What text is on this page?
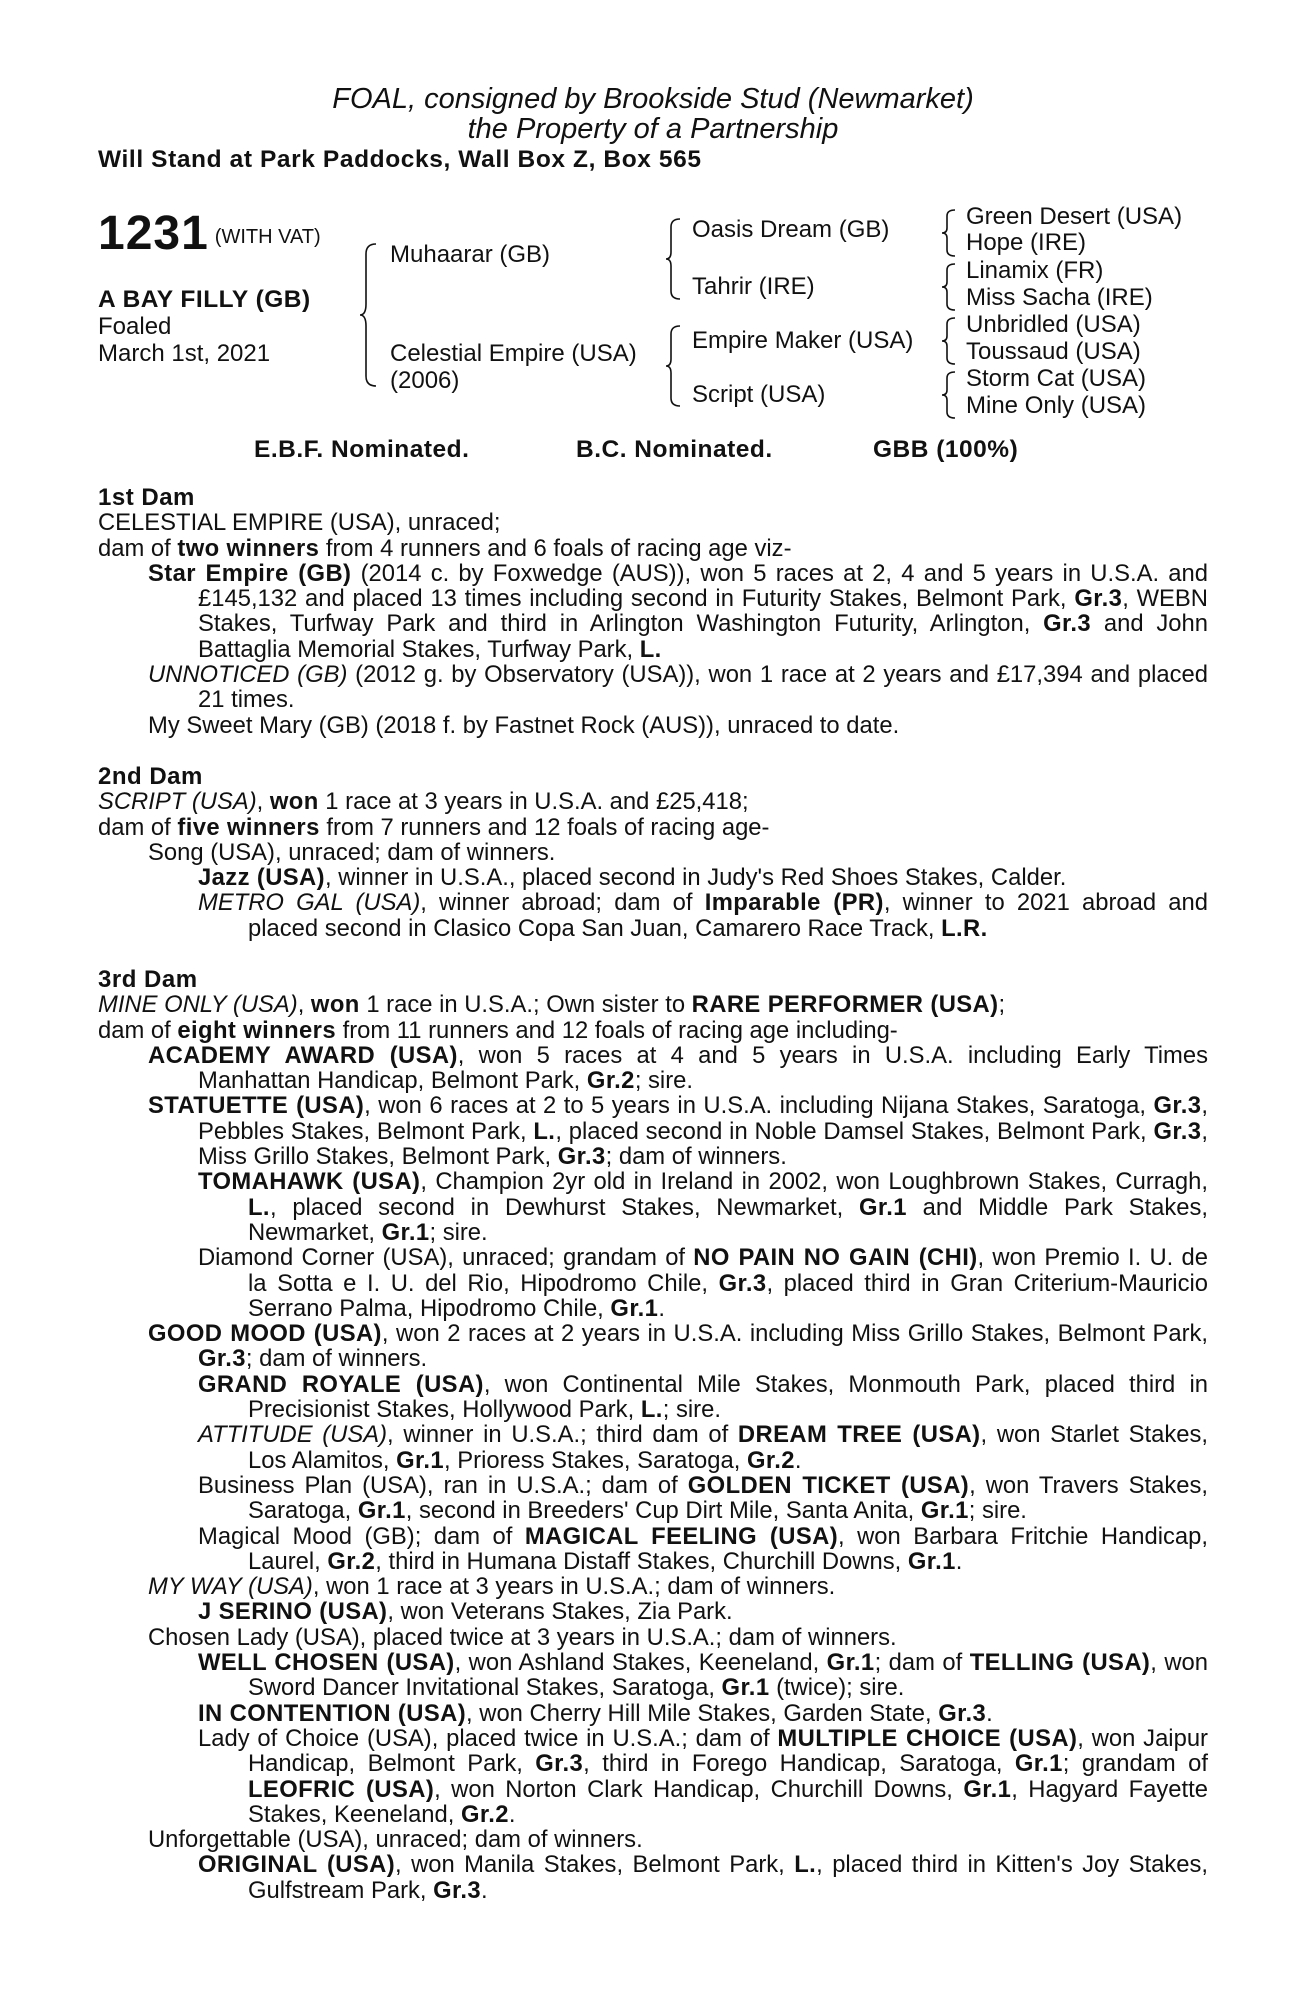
FOAL, consigned by Brookside Stud (Newmarket)
the Property of a Partnership
Will Stand at Park Paddocks, Wall Box Z, Box 565
1231 (WITH VAT)
A BAY FILLY (GB)
Foaled
March 1st, 2021
Muhaarar (GB)
Celestial Empire (USA)
(2006)
Oasis Dream (GB)
Tahrir (IRE)
Empire Maker (USA)
Script (USA)
Green Desert (USA)
Hope (IRE)
Linamix (FR)
Miss Sacha (IRE)
Unbridled (USA)
Toussaud (USA)
Storm Cat (USA)
Mine Only (USA)
E.B.F. Nominated.	B.C. Nominated.	GBB (100%)

1st Dam

CELESTIAL EMPIRE (USA), unraced;

dam of two winners from 4 runners and 6 foals of racing age viz-

Star Empire (GB) (2014 c. by Foxwedge (AUS)), won 5 races at 2, 4 and 5 years in U.S.A. and £145,132 and placed 13 times including second in Futurity Stakes, Belmont Park, Gr.3, WEBN Stakes, Turfway Park and third in Arlington Washington Futurity, Arlington, Gr.3 and John Battaglia Memorial Stakes, Turfway Park, L.

UNNOTICED (GB) (2012 g. by Observatory (USA)), won 1 race at 2 years and £17,394 and placed 21 times.

My Sweet Mary (GB) (2018 f. by Fastnet Rock (AUS)), unraced to date.

2nd Dam

SCRIPT (USA), won 1 race at 3 years in U.S.A. and £25,418;

dam of five winners from 7 runners and 12 foals of racing age-

Song (USA), unraced; dam of winners.

Jazz (USA), winner in U.S.A., placed second in Judy's Red Shoes Stakes, Calder.

METRO GAL (USA), winner abroad; dam of Imparable (PR), winner to 2021 abroad and placed second in Clasico Copa San Juan, Camarero Race Track, L.R.

3rd Dam

MINE ONLY (USA), won 1 race in U.S.A.; Own sister to RARE PERFORMER (USA);

dam of eight winners from 11 runners and 12 foals of racing age including-

ACADEMY AWARD (USA), won 5 races at 4 and 5 years in U.S.A. including Early Times Manhattan Handicap, Belmont Park, Gr.2; sire.

STATUETTE (USA), won 6 races at 2 to 5 years in U.S.A. including Nijana Stakes, Saratoga, Gr.3, Pebbles Stakes, Belmont Park, L., placed second in Noble Damsel Stakes, Belmont Park, Gr.3, Miss Grillo Stakes, Belmont Park, Gr.3; dam of winners.

TOMAHAWK (USA), Champion 2yr old in Ireland in 2002, won Loughbrown Stakes, Curragh, L., placed second in Dewhurst Stakes, Newmarket, Gr.1 and Middle Park Stakes, Newmarket, Gr.1; sire.

Diamond Corner (USA), unraced; grandam of NO PAIN NO GAIN (CHI), won Premio I. U. de la Sotta e I. U. del Rio, Hipodromo Chile, Gr.3, placed third in Gran Criterium-Mauricio Serrano Palma, Hipodromo Chile, Gr.1.

GOOD MOOD (USA), won 2 races at 2 years in U.S.A. including Miss Grillo Stakes, Belmont Park, Gr.3; dam of winners.

GRAND ROYALE (USA), won Continental Mile Stakes, Monmouth Park, placed third in Precisionist Stakes, Hollywood Park, L.; sire.

ATTITUDE (USA), winner in U.S.A.; third dam of DREAM TREE (USA), won Starlet Stakes, Los Alamitos, Gr.1, Prioress Stakes, Saratoga, Gr.2.

Business Plan (USA), ran in U.S.A.; dam of GOLDEN TICKET (USA), won Travers Stakes, Saratoga, Gr.1, second in Breeders' Cup Dirt Mile, Santa Anita, Gr.1; sire.

Magical Mood (GB); dam of MAGICAL FEELING (USA), won Barbara Fritchie Handicap, Laurel, Gr.2, third in Humana Distaff Stakes, Churchill Downs, Gr.1.

MY WAY (USA), won 1 race at 3 years in U.S.A.; dam of winners.

J SERINO (USA), won Veterans Stakes, Zia Park.

Chosen Lady (USA), placed twice at 3 years in U.S.A.; dam of winners.

WELL CHOSEN (USA), won Ashland Stakes, Keeneland, Gr.1; dam of TELLING (USA), won Sword Dancer Invitational Stakes, Saratoga, Gr.1 (twice); sire.

IN CONTENTION (USA), won Cherry Hill Mile Stakes, Garden State, Gr.3.

Lady of Choice (USA), placed twice in U.S.A.; dam of MULTIPLE CHOICE (USA), won Jaipur Handicap, Belmont Park, Gr.3, third in Forego Handicap, Saratoga, Gr.1; grandam of LEOFRIC (USA), won Norton Clark Handicap, Churchill Downs, Gr.1, Hagyard Fayette Stakes, Keeneland, Gr.2.

Unforgettable (USA), unraced; dam of winners.

ORIGINAL (USA), won Manila Stakes, Belmont Park, L., placed third in Kitten's Joy Stakes, Gulfstream Park, Gr.3.
